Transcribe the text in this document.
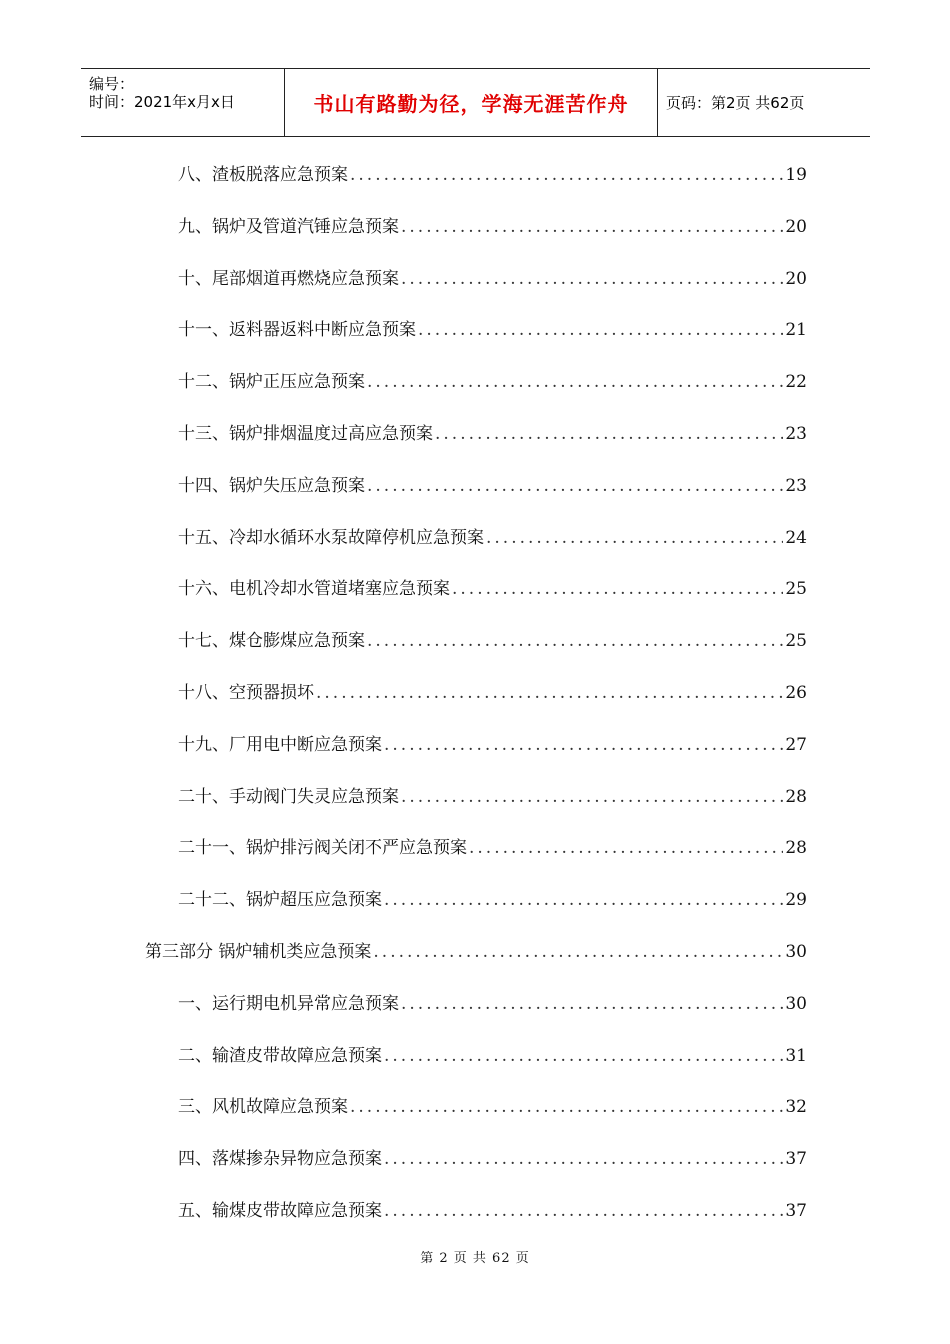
编号：
时间：2021年x月x日	书山有路勤为径，学海无涯苦作舟	页码：第2页 共62页
八、渣板脱落应急预案 .....	19
九、锅炉及管道汽锤应急预案 .....	20
十、尾部烟道再燃烧应急预案 .....	20
十一、返料器返料中断应急预案 .....	21
十二、锅炉正压应急预案 .....	22
十三、锅炉排烟温度过高应急预案 .....	23
十四、锅炉失压应急预案 .....	23
十五、冷却水循环水泵故障停机应急预案 .....	24
十六、电机冷却水管道堵塞应急预案 .....	25
十七、煤仓膨煤应急预案 .....	25
十八、空预器损坏 .....	26
十九、厂用电中断应急预案 .....	27
二十、手动阀门失灵应急预案 .....	28
二十一、锅炉排污阀关闭不严应急预案 .....	28
二十二、锅炉超压应急预案 .....	29
第三部分 锅炉辅机类应急预案 .....	30
一、运行期电机异常应急预案 .....	30
二、输渣皮带故障应急预案 .....	31
三、风机故障应急预案 .....	32
四、落煤掺杂异物应急预案 .....	37
五、输煤皮带故障应急预案 .....	37
第 2 页 共 62 页
